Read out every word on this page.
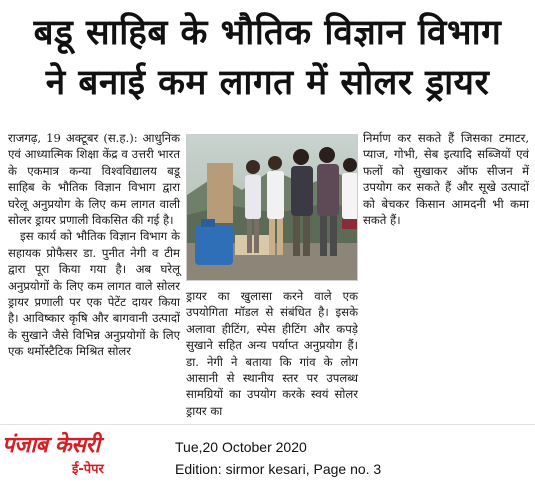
बडू साहिब के भौतिक विज्ञान विभाग
ने बनाई कम लागत में सोलर ड्रायर

राजगढ़, 19 अक्टूबर (स.ह.): आधुनिक एवं आध्यात्मिक शिक्षा केंद्र व उत्तरी भारत के एकमात्र कन्या विश्वविद्यालय बडू साहिब के भौतिक विज्ञान विभाग द्वारा घरेलू अनुप्रयोग के लिए कम लागत वाली सोलर ड्रायर प्रणाली विकसित की गई है।

इस कार्य को भौतिक विज्ञान विभाग के सहायक प्रोफैसर डा. पुनीत नेगी व टीम द्वारा पूरा किया गया है। अब घरेलू अनुप्रयोगों के लिए कम लागत वाले सोलर ड्रायर प्रणाली पर एक पेटेंट दायर किया है। आविष्कार कृषि और बागवानी उत्पादों के सुखाने जैसे विभिन्न अनुप्रयोगों के लिए एक थर्मोस्टैटिक मिश्रित सोलर

ड्रायर का खुलासा करने वाले एक उपयोगिता मॉडल से संबंधित है। इसके अलावा हीटिंग, स्पेस हीटिंग और कपड़े सुखाने सहित अन्य पर्याप्त अनुप्रयोग हैं। डा. नेगी ने बताया कि गांव के लोग आसानी से स्थानीय स्तर पर उपलब्ध सामग्रियों का उपयोग करके स्वयं सोलर ड्रायर का

निर्माण कर सकते हैं जिसका टमाटर, प्याज, गोभी, सेब इत्यादि सब्जियों एवं फलों को सुखाकर ऑफ सीजन में उपयोग कर सकते हैं और सूखे उत्पादों को बेचकर किसान आमदनी भी कमा सकते हैं।

पंजाब केसरी
ई-पेपर
Tue,20 October 2020
Edition: sirmor kesari, Page no. 3
